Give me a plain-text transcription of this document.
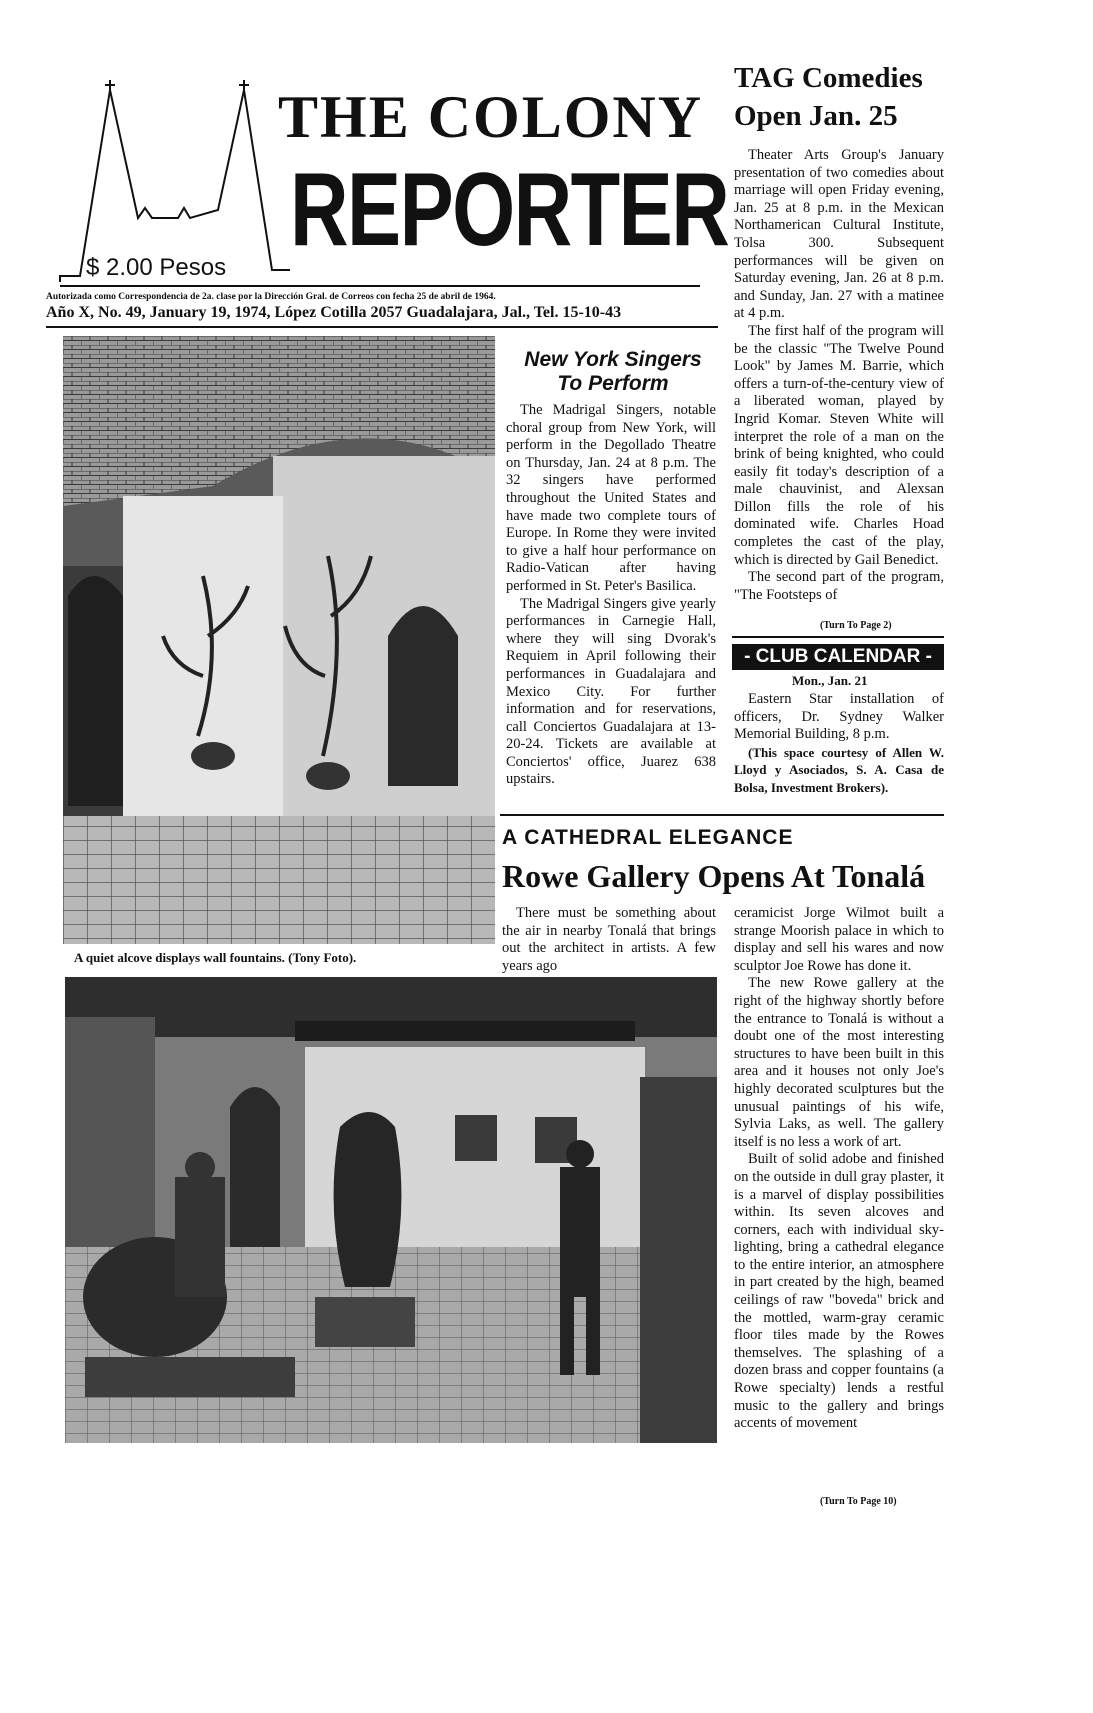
THE COLONY
REPORTER
$ 2.00 Pesos
Autorizada como Correspondencia de 2a. clase por la Dirección Gral. de Correos con fecha 25 de abril de 1964.
Año X, No. 49, January 19, 1974, López Cotilla 2057 Guadalajara, Jal., Tel. 15-10-43
TAG Comedies
Open Jan. 25

Theater Arts Group's January presentation of two comedies about marriage will open Friday evening, Jan. 25 at 8 p.m. in the Mexican Northamerican Cultural Institute, Tolsa 300. Subsequent performances will be given on Saturday evening, Jan. 26 at 8 p.m. and Sunday, Jan. 27 with a matinee at 4 p.m.

The first half of the program will be the classic "The Twelve Pound Look" by James M. Barrie, which offers a turn-of-the-century view of a liberated woman, played by Ingrid Komar. Steven White will interpret the role of a man on the brink of being knighted, who could easily fit today's description of a male chauvinist, and Alexsan Dillon fills the role of his dominated wife. Charles Hoad completes the cast of the play, which is directed by Gail Benedict.

The second part of the program, "The Footsteps of

(Turn To Page 2)
- CLUB CALENDAR -
Mon., Jan. 21

Eastern Star installation of officers, Dr. Sydney Walker Memorial Building, 8 p.m.

(This space courtesy of Allen W. Lloyd y Asociados, S. A. Casa de Bolsa, Investment Brokers).

A quiet alcove displays wall fountains. (Tony Foto).
New York Singers
To Perform

The Madrigal Singers, notable choral group from New York, will perform in the Degollado Theatre on Thursday, Jan. 24 at 8 p.m. The 32 singers have performed throughout the United States and have made two complete tours of Europe. In Rome they were invited to give a half hour performance on Radio-Vatican after having performed in St. Peter's Basilica.

The Madrigal Singers give yearly performances in Carnegie Hall, where they will sing Dvorak's Requiem in April following their performances in Guadalajara and Mexico City. For further information and for reservations, call Conciertos Guadalajara at 13-20-24. Tickets are available at Conciertos' office, Juarez 638 upstairs.

A CATHEDRAL ELEGANCE
Rowe Gallery Opens At Tonalá

There must be something about the air in nearby Tonalá that brings out the architect in artists. A few years ago

ceramicist Jorge Wilmot built a strange Moorish palace in which to display and sell his wares and now sculptor Joe Rowe has done it.

The new Rowe gallery at the right of the highway shortly before the entrance to Tonalá is without a doubt one of the most interesting structures to have been built in this area and it houses not only Joe's highly decorated sculptures but the unusual paintings of his wife, Sylvia Laks, as well. The gallery itself is no less a work of art.

Built of solid adobe and finished on the outside in dull gray plaster, it is a marvel of display possibilities within. Its seven alcoves and corners, each with individual sky-lighting, bring a cathedral elegance to the entire interior, an atmosphere in part created by the high, beamed ceilings of raw "boveda" brick and the mottled, warm-gray ceramic floor tiles made by the Rowes themselves. The splashing of a dozen brass and copper fountains (a Rowe specialty) lends a restful music to the gallery and brings accents of movement

(Turn To Page 10)
